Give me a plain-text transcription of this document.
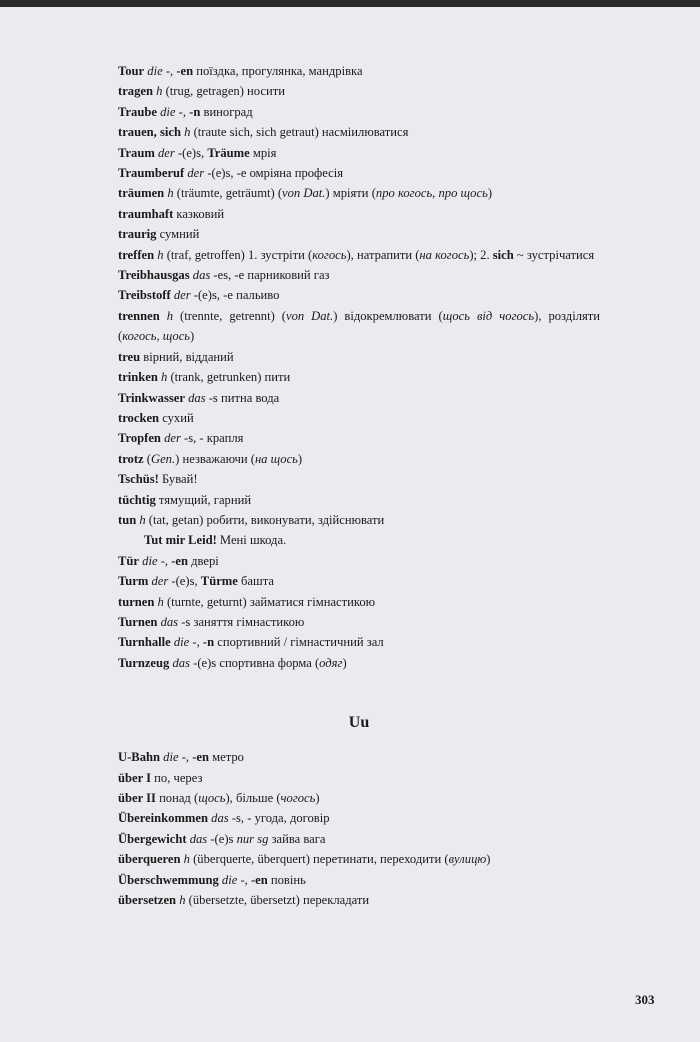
Tour die -, -en поїздка, прогулянка, мандрівка

tragen h (trug, getragen) носити

Traube die -, -n виноград

trauen, sich h (traute sich, sich getraut) насміилюватися

Traum der -(e)s, Träume мрія

Traumberuf der -(e)s, -e омріяна професія

träumen h (träumte, geträumt) (von Dat.) мріяти (про когось, про щось)

traumhaft казковий

traurig сумний

treffen h (traf, getroffen) 1. зустріти (когось), натрапити (на когось); 2. sich ~ зустрічатися

Treibhausgas das -es, -e парниковий газ

Treibstoff der -(e)s, -e пальиво

trennen h (trennte, getrennt) (von Dat.) відокремлювати (щось від чогось), розділяти (когось, щось)

treu вірний, відданий

trinken h (trank, getrunken) пити

Trinkwasser das -s питна вода

trocken сухий

Tropfen der -s, - крапля

trotz (Gen.) незважаючи (на щось)

Tschüs! Бувай!

tüchtig тямущий, гарний

tun h (tat, getan) робити, виконувати, здійснювати

Tut mir Leid! Мені шкода.

Tür die -, -en двері

Turm der -(e)s, Türme башта

turnen h (turnte, geturnt) займатися гімнастикою

Turnen das -s заняття гімнастикою

Turnhalle die -, -n спортивний / гімнастичний зал

Turnzeug das -(e)s спортивна форма (одяг)

Uu

U-Bahn die -, -en метро

über I по, через

über II понад (щось), більше (чогось)

Übereinkommen das -s, - угода, договір

Übergewicht das -(e)s nur sg зайва вага

überqueren h (überquerte, überquert) перетинати, переходити (вулицю)

Überschwemmung die -, -en повінь

übersetzen h (übersetzte, übersetzt) перекладати

303
